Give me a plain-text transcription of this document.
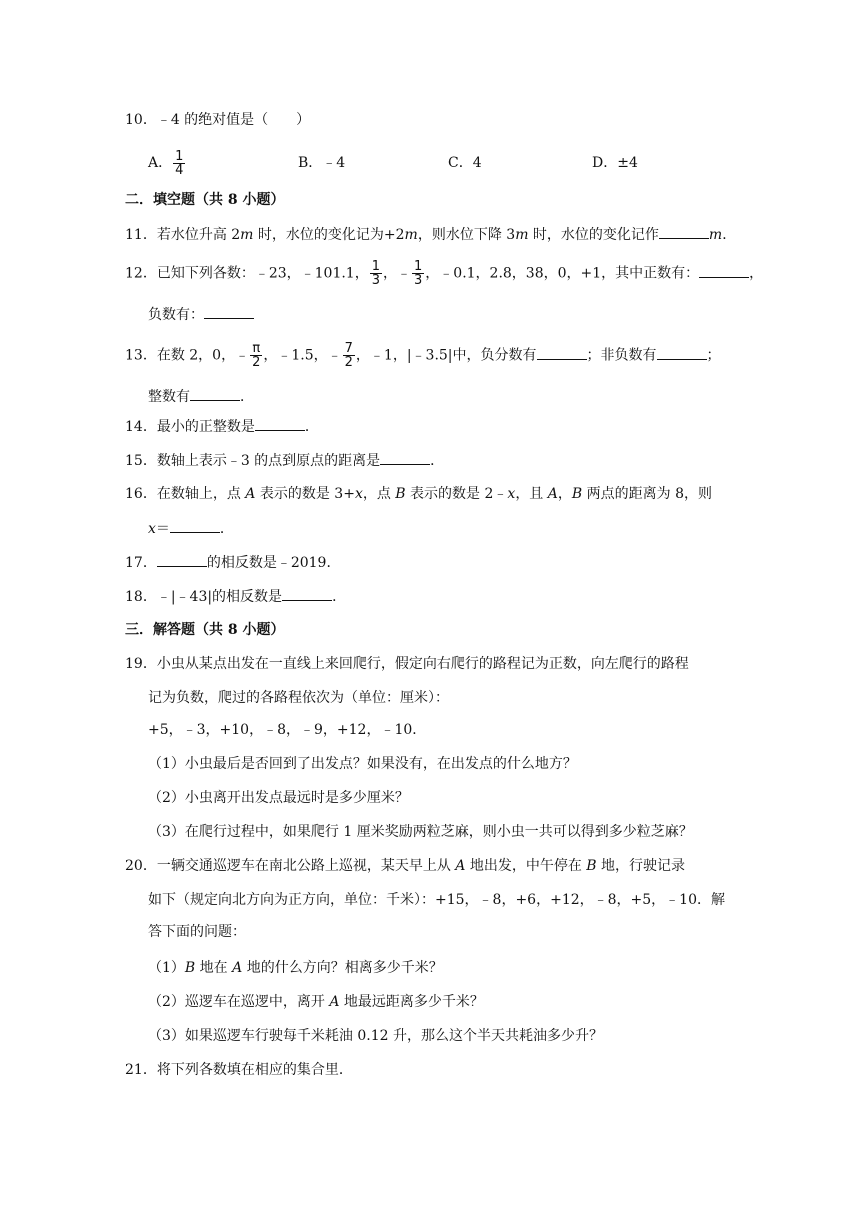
10．﹣4 的绝对值是（　　）
A． $\frac{1}{4}$	B．﹣4	C．4	D．±4
二．填空题（共 8 小题）
11．若水位升高 2m 时，水位的变化记为+2m，则水位下降 3m 时，水位的变化记作	m．
12．已知下列各数：﹣23，﹣101.1， $\frac{1}{3}$ ，﹣ $\frac{1}{3}$ ，﹣0.1，2.8，38，0，+1，其中正数有：	，
负数有：
13．在数 2，0，﹣ $\frac{\pi}{2}$ ，﹣1.5，﹣ $\frac{7}{2}$ ，﹣1，|﹣3.5|中，负分数有	；非负数有	；
整数有	．
14．最小的正整数是	．
15．数轴上表示﹣3 的点到原点的距离是	．
16．在数轴上，点 A 表示的数是 3+x，点 B 表示的数是 2﹣x，且 A，B 两点的距离为 8，则
x＝	．
17．	的相反数是﹣2019．
18．﹣|﹣43|的相反数是	．
三．解答题（共 8 小题）
19．小虫从某点出发在一直线上来回爬行，假定向右爬行的路程记为正数，向左爬行的路程
记为负数，爬过的各路程依次为（单位：厘米）：
+5，﹣3，+10，﹣8，﹣9，+12，﹣10．
（1）小虫最后是否回到了出发点？如果没有，在出发点的什么地方？
（2）小虫离开出发点最远时是多少厘米？
（3）在爬行过程中，如果爬行 1 厘米奖励两粒芝麻，则小虫一共可以得到多少粒芝麻？
20．一辆交通巡逻车在南北公路上巡视，某天早上从 A 地出发，中午停在 B 地，行驶记录
如下（规定向北方向为正方向，单位：千米）：+15，﹣8，+6，+12，﹣8，+5，﹣10．解
答下面的问题：
（1）B 地在 A 地的什么方向？相离多少千米？
（2）巡逻车在巡逻中，离开 A 地最远距离多少千米？
（3）如果巡逻车行驶每千米耗油 0.12 升，那么这个半天共耗油多少升？
21．将下列各数填在相应的集合里．
